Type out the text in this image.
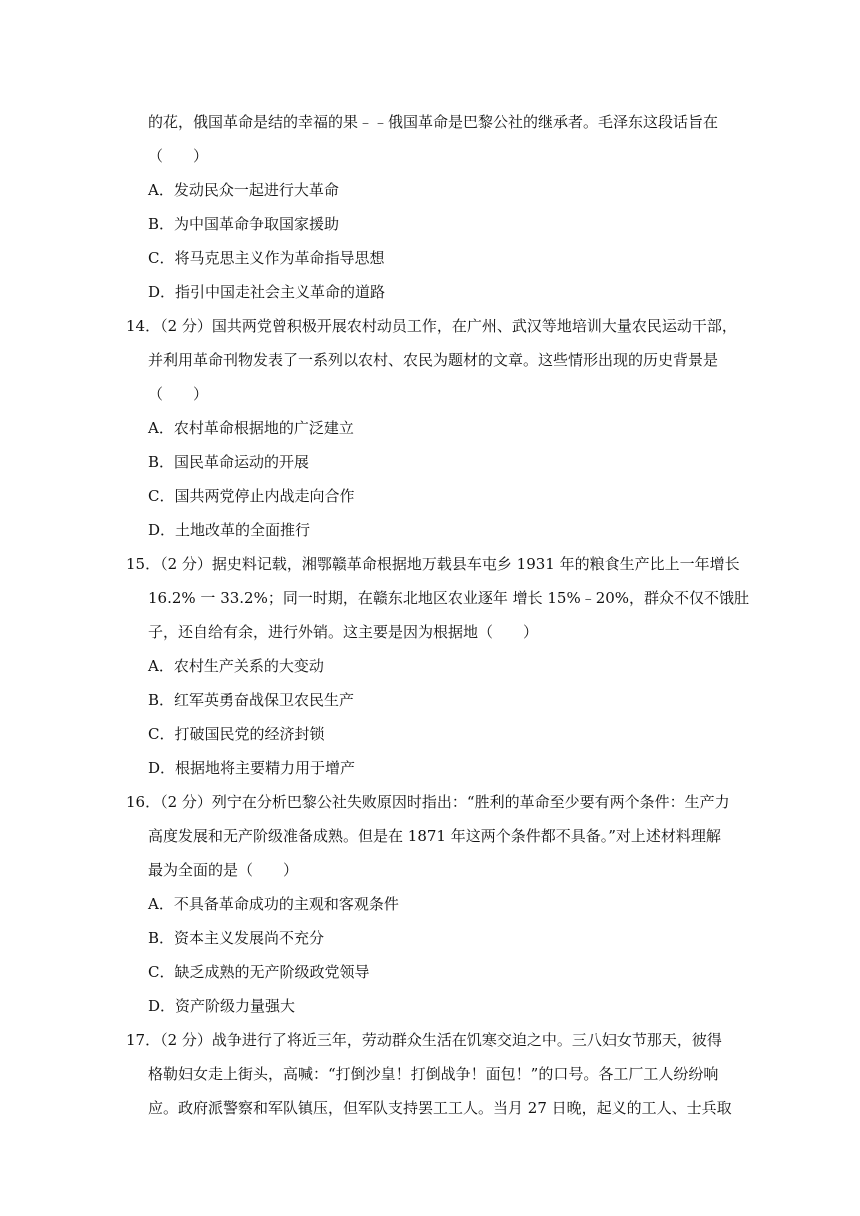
的花，俄国革命是结的幸福的果﹣﹣俄国革命是巴黎公社的继承者。毛泽东这段话旨在
（　　）
A．发动民众一起进行大革命
B．为中国革命争取国家援助
C．将马克思主义作为革命指导思想
D．指引中国走社会主义革命的道路
14．（2 分）国共两党曾积极开展农村动员工作，在广州、武汉等地培训大量农民运动干部，
并利用革命刊物发表了一系列以农村、农民为题材的文章。这些情形出现的历史背景是
（　　）
A．农村革命根据地的广泛建立
B．国民革命运动的开展
C．国共两党停止内战走向合作
D．土地改革的全面推行
15．（2 分）据史料记载，湘鄂赣革命根据地万载县车屯乡 1931 年的粮食生产比上一年增长
16.2% 一 33.2%；同一时期，在赣东北地区农业逐年 增长 15%﹣20%，群众不仅不饿肚
子，还自给有余，进行外销。这主要是因为根据地（　　）
A．农村生产关系的大变动
B．红军英勇奋战保卫农民生产
C．打破国民党的经济封锁
D．根据地将主要精力用于增产
16．（2 分）列宁在分析巴黎公社失败原因时指出：“胜利的革命至少要有两个条件：生产力
高度发展和无产阶级准备成熟。但是在 1871 年这两个条件都不具备。”对上述材料理解
最为全面的是（　　）
A．不具备革命成功的主观和客观条件
B．资本主义发展尚不充分
C．缺乏成熟的无产阶级政党领导
D．资产阶级力量强大
17．（2 分）战争进行了将近三年，劳动群众生活在饥寒交迫之中。三八妇女节那天，彼得
格勒妇女走上街头，高喊：“打倒沙皇！打倒战争！面包！”的口号。各工厂工人纷纷响
应。政府派警察和军队镇压，但军队支持罢工工人。当月 27 日晚，起义的工人、士兵取
